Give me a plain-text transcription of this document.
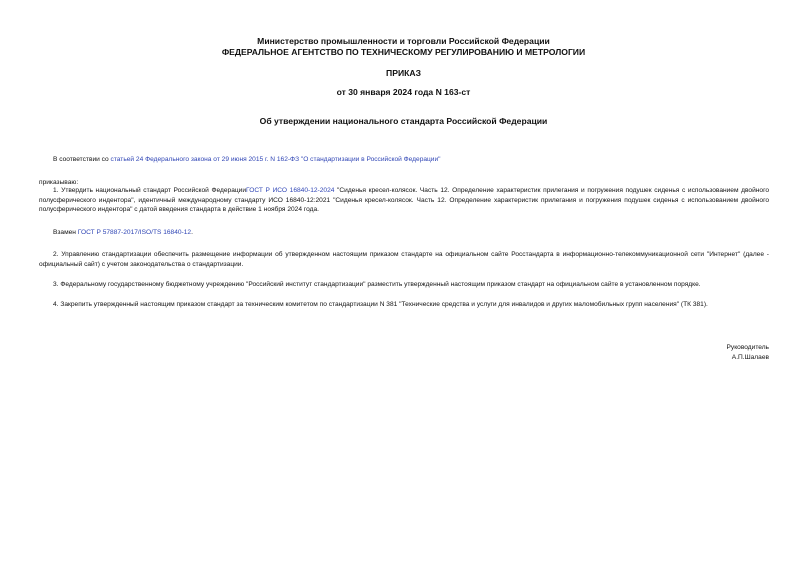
Министерство промышленности и торговли Российской Федерации
ФЕДЕРАЛЬНОЕ АГЕНТСТВО ПО ТЕХНИЧЕСКОМУ РЕГУЛИРОВАНИЮ И МЕТРОЛОГИИ
ПРИКАЗ
от 30 января 2024 года N 163-ст
Об утверждении национального стандарта Российской Федерации
В соответствии со статьей 24 Федерального закона от 29 июня 2015 г. N 162-ФЗ "О стандартизации в Российской Федерации"
приказываю:
1. Утвердить национальный стандарт Российской ФедерацииГОСТ Р ИСО 16840-12-2024 "Сиденья кресел-колясок. Часть 12. Определение характеристик прилегания и погружения подушек сиденья с использованием двойного полусферического индентора", идентичный международному стандарту ИСО 16840-12:2021 "Сиденья кресел-колясок. Часть 12. Определение характеристик прилегания и погружения подушек сиденья с использованием двойного полусферического индентора" с датой введения стандарта в действие 1 ноября 2024 года.
Взамен ГОСТ Р 57887-2017/ISO/TS 16840-12.
2. Управлению стандартизации обеспечить размещение информации об утвержденном настоящим приказом стандарте на официальном сайте Росстандарта в информационно-телекоммуникационной сети "Интернет" (далее - официальный сайт) с учетом законодательства о стандартизации.
3. Федеральному государственному бюджетному учреждению "Российский институт стандартизации" разместить утвержденный настоящим приказом стандарт на официальном сайте в установленном порядке.
4. Закрепить утвержденный настоящим приказом стандарт за техническим комитетом по стандартизации N 381 "Технические средства и услуги для инвалидов и других маломобильных групп населения" (ТК 381).
Руководитель
А.П.Шалаев
